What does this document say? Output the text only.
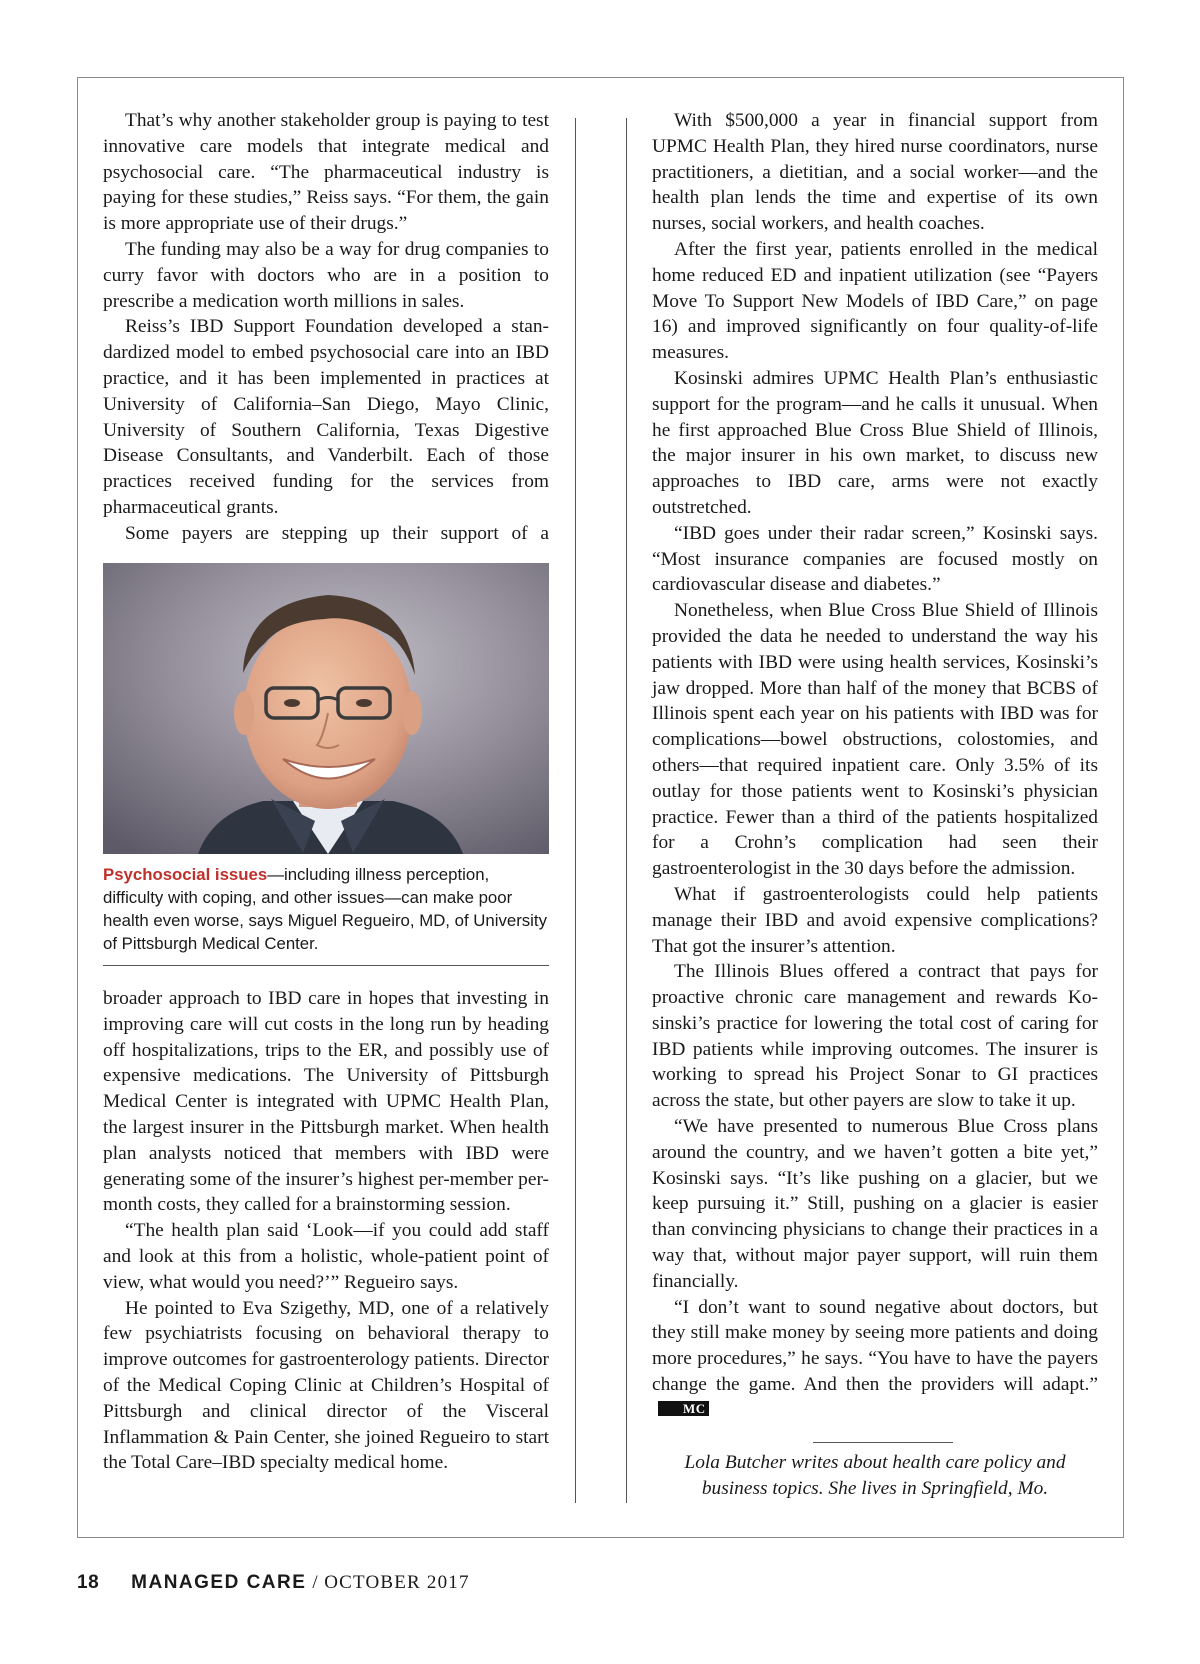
That’s why another stakeholder group is paying to test innovative care models that integrate medical and psychosocial care. “The pharmaceutical industry is paying for these studies,” Reiss says. “For them, the gain is more appropriate use of their drugs.”

The funding may also be a way for drug companies to curry favor with doctors who are in a position to prescribe a medication worth millions in sales.

Reiss’s IBD Support Foundation developed a standardized model to embed psychosocial care into an IBD practice, and it has been implemented in practices at University of California–San Diego, Mayo Clinic, University of Southern California, Texas Digestive Disease Consultants, and Vanderbilt. Each of those practices received funding for the services from pharmaceutical grants.

Some payers are stepping up their support of a

Psychosocial issues—including illness perception, difficulty with coping, and other issues—can make poor health even worse, says Miguel Regueiro, MD, of University of Pittsburgh Medical Center.

broader approach to IBD care in hopes that investing in improving care will cut costs in the long run by heading off hospitalizations, trips to the ER, and possibly use of expensive medications. The University of Pittsburgh Medical Center is integrated with UPMC Health Plan, the largest insurer in the Pittsburgh market. When health plan analysts noticed that members with IBD were generating some of the insurer’s highest per-member per-month costs, they called for a brainstorming session.

“The health plan said ‘Look—if you could add staff and look at this from a holistic, whole-patient point of view, what would you need?’” Regueiro says.

He pointed to Eva Szigethy, MD, one of a relatively few psychiatrists focusing on behavioral therapy to improve outcomes for gastroenterology patients. Director of the Medical Coping Clinic at Children’s Hospital of Pittsburgh and clinical director of the Visceral Inflammation & Pain Center, she joined Regueiro to start the Total Care–IBD specialty medical home.

With $500,000 a year in financial support from UPMC Health Plan, they hired nurse coordinators, nurse practitioners, a dietitian, and a social worker—and the health plan lends the time and expertise of its own nurses, social workers, and health coaches.

After the first year, patients enrolled in the medical home reduced ED and inpatient utilization (see “Payers Move To Support New Models of IBD Care,” on page 16) and improved significantly on four quality-of-life measures.

Kosinski admires UPMC Health Plan’s enthusiastic support for the program—and he calls it unusual. When he first approached Blue Cross Blue Shield of Illinois, the major insurer in his own market, to discuss new approaches to IBD care, arms were not exactly outstretched.

“IBD goes under their radar screen,” Kosinski says. “Most insurance companies are focused mostly on cardiovascular disease and diabetes.”

Nonetheless, when Blue Cross Blue Shield of Illinois provided the data he needed to understand the way his patients with IBD were using health services, Kosinski’s jaw dropped. More than half of the money that BCBS of Illinois spent each year on his patients with IBD was for complications—bowel obstructions, colostomies, and others—that required inpatient care. Only 3.5% of its outlay for those patients went to Kosinski’s physician practice. Fewer than a third of the patients hospitalized for a Crohn’s complication had seen their gastroenterologist in the 30 days before the admission.

What if gastroenterologists could help patients manage their IBD and avoid expensive complications? That got the insurer’s attention.

The Illinois Blues offered a contract that pays for proactive chronic care management and rewards Kosinski’s practice for lowering the total cost of caring for IBD patients while improving outcomes. The insurer is working to spread his Project Sonar to GI practices across the state, but other payers are slow to take it up.

“We have presented to numerous Blue Cross plans around the country, and we haven’t gotten a bite yet,” Kosinski says. “It’s like pushing on a glacier, but we keep pursuing it.” Still, pushing on a glacier is easier than convincing physicians to change their practices in a way that, without major payer support, will ruin them financially.

“I don’t want to sound negative about doctors, but they still make money by seeing more patients and doing more procedures,” he says. “You have to have the payers change the game. And then the providers will adapt.”MC

Lola Butcher writes about health care policy and business topics. She lives in Springfield, Mo.
18 MANAGED CARE / OCTOBER 2017
